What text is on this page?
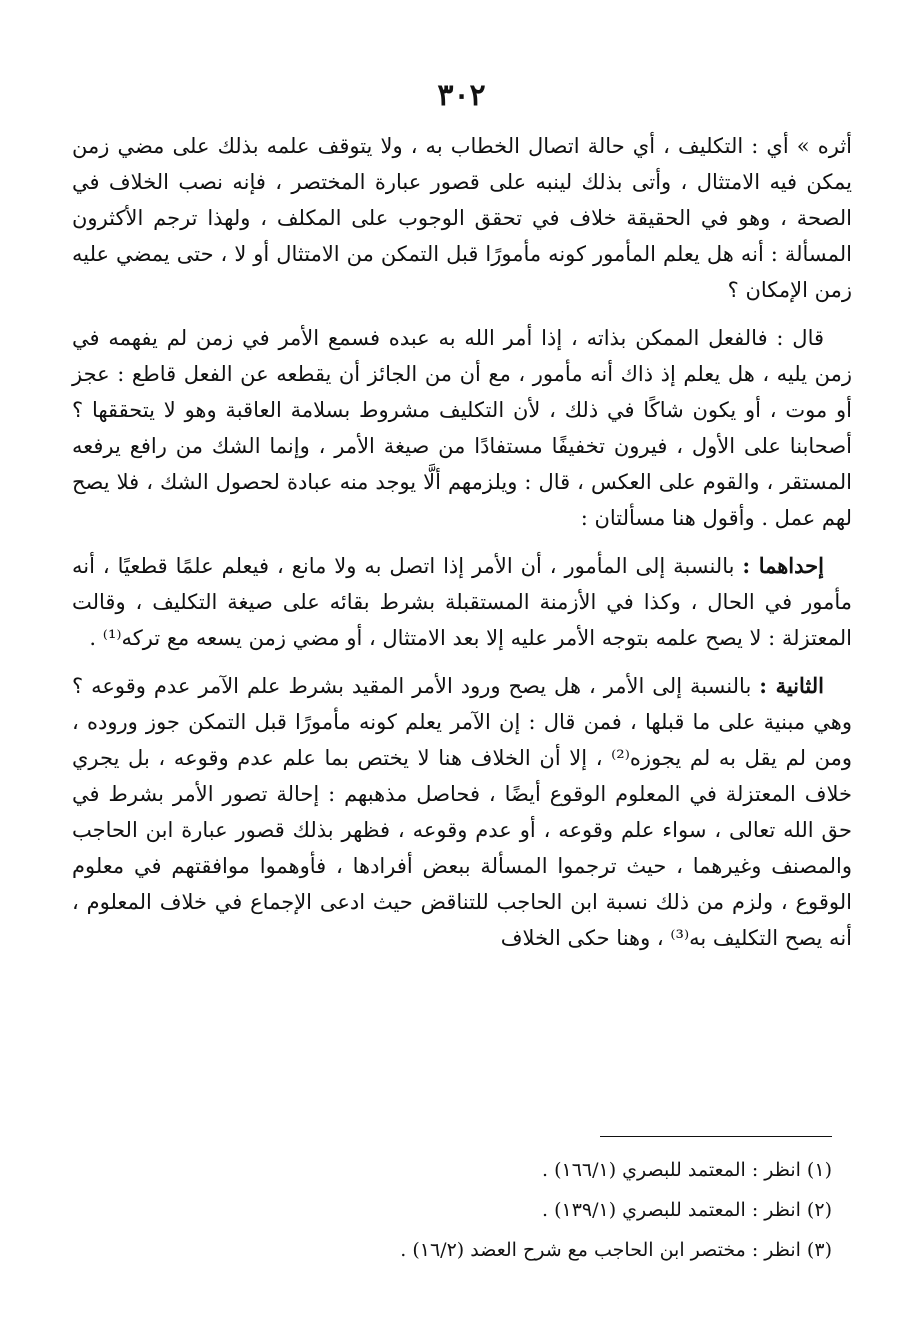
٣٠٢

أثره » أي : التكليف ، أي حالة اتصال الخطاب به ، ولا يتوقف علمه بذلك على مضي زمن يمكن فيه الامتثال ، وأتى بذلك لينبه على قصور عبارة المختصر ، فإنه نصب الخلاف في الصحة ، وهو في الحقيقة خلاف في تحقق الوجوب على المكلف ، ولهذا ترجم الأكثرون المسألة : أنه هل يعلم المأمور كونه مأمورًا قبل التمكن من الامتثال أو لا ، حتى يمضي عليه زمن الإمكان ؟

قال : فالفعل الممكن بذاته ، إذا أمر الله به عبده فسمع الأمر في زمن لم يفهمه في زمن يليه ، هل يعلم إذ ذاك أنه مأمور ، مع أن من الجائز أن يقطعه عن الفعل قاطع : عجز أو موت ، أو يكون شاكًا في ذلك ، لأن التكليف مشروط بسلامة العاقبة وهو لا يتحققها ؟ أصحابنا على الأول ، فيرون تخفيفًا مستفادًا من صيغة الأمر ، وإنما الشك من رافع يرفعه المستقر ، والقوم على العكس ، قال : ويلزمهم ألَّا يوجد منه عبادة لحصول الشك ، فلا يصح لهم عمل . وأقول هنا مسألتان :

إحداهما : بالنسبة إلى المأمور ، أن الأمر إذا اتصل به ولا مانع ، فيعلم علمًا قطعيًا ، أنه مأمور في الحال ، وكذا في الأزمنة المستقبلة بشرط بقائه على صيغة التكليف ، وقالت المعتزلة : لا يصح علمه بتوجه الأمر عليه إلا بعد الامتثال ، أو مضي زمن يسعه مع تركه⁽¹⁾ .

الثانية : بالنسبة إلى الأمر ، هل يصح ورود الأمر المقيد بشرط علم الآمر عدم وقوعه ؟ وهي مبنية على ما قبلها ، فمن قال : إن الآمر يعلم كونه مأمورًا قبل التمكن جوز وروده ، ومن لم يقل به لم يجوزه⁽²⁾ ، إلا أن الخلاف هنا لا يختص بما علم عدم وقوعه ، بل يجري خلاف المعتزلة في المعلوم الوقوع أيضًا ، فحاصل مذهبهم : إحالة تصور الأمر بشرط في حق الله تعالى ، سواء علم وقوعه ، أو عدم وقوعه ، فظهر بذلك قصور عبارة ابن الحاجب والمصنف وغيرهما ، حيث ترجموا المسألة ببعض أفرادها ، فأوهموا موافقتهم في معلوم الوقوع ، ولزم من ذلك نسبة ابن الحاجب للتناقض حيث ادعى الإجماع في خلاف المعلوم ، أنه يصح التكليف به⁽³⁾ ، وهنا حكى الخلاف

(١) انظر : المعتمد للبصري (١٦٦/١) .
(٢) انظر : المعتمد للبصري (١٣٩/١) .
(٣) انظر : مختصر ابن الحاجب مع شرح العضد (١٦/٢) .
